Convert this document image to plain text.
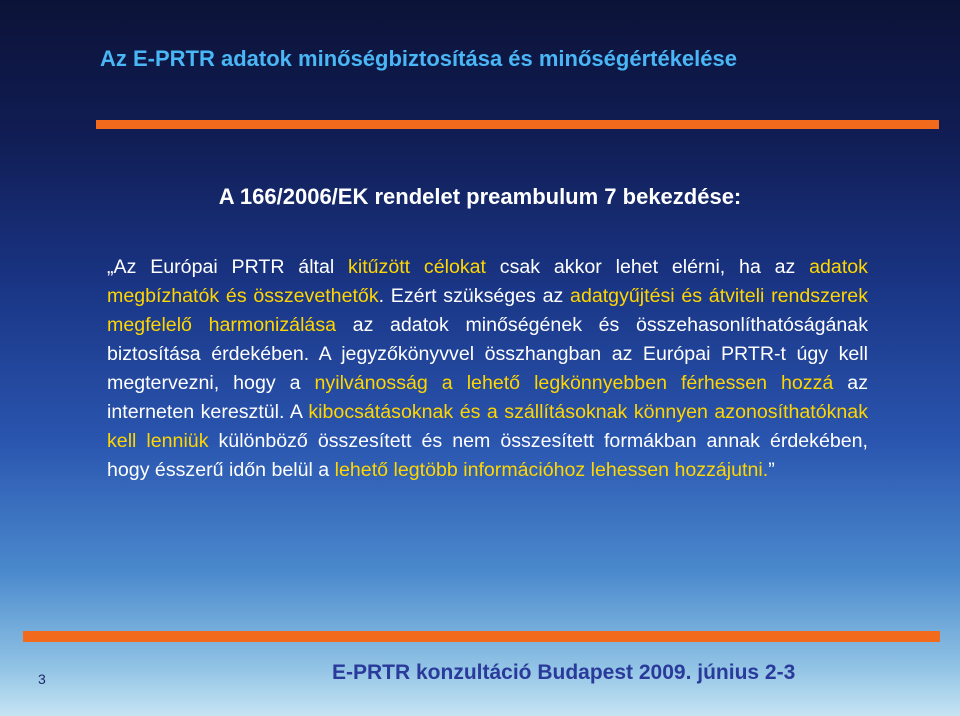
Az E-PRTR adatok minőségbiztosítása és minőségértékelése
A 166/2006/EK rendelet preambulum 7 bekezdése:
„Az Európai PRTR által kitűzött célokat csak akkor lehet elérni, ha az adatok megbízhatók és összevethetők. Ezért szükséges az adatgyűjtési és átviteli rendszerek megfelelő harmonizálása az adatok minőségének és összehasonlíthatóságának biztosítása érdekében. A jegyzőkönyvvel összhangban az Európai PRTR-t úgy kell megtervezni, hogy a nyilvánosság a lehető legkönnyebben férhessen hozzá az interneten keresztül. A kibocsátásoknak és a szállításoknak könnyen azonosíthatóknak kell lenniük különböző összesített és nem összesített formákban annak érdekében, hogy ésszerű időn belül a lehető legtöbb információhoz lehessen hozzájutni.”
3	E-PRTR konzultáció Budapest 2009. június 2-3
